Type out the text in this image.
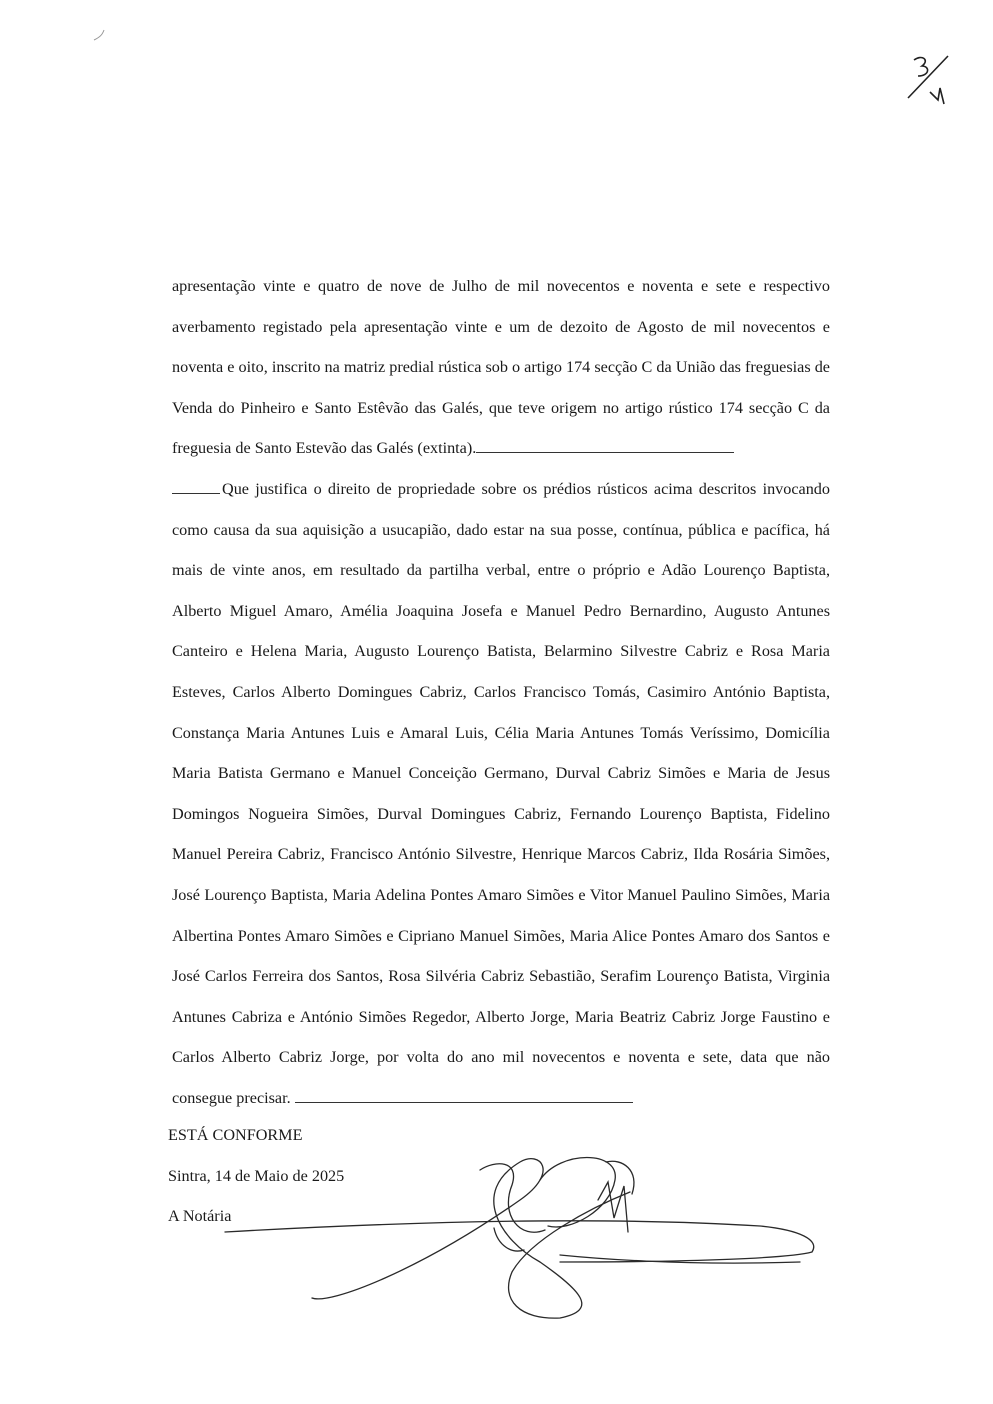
apresentação vinte e quatro de nove de Julho de mil novecentos e noventa e sete e respectivo averbamento registado pela apresentação vinte e um de dezoito de Agosto de mil novecentos e noventa e oito, inscrito na matriz predial rústica sob o artigo 174 secção C da União das freguesias de Venda do Pinheiro e Santo Estêvão das Galés, que teve origem no artigo rústico 174 secção C da freguesia de Santo Estevão das Galés (extinta).

Que justifica o direito de propriedade sobre os prédios rústicos acima descritos invocando como causa da sua aquisição a usucapião, dado estar na sua posse, contínua, pública e pacífica, há mais de vinte anos, em resultado da partilha verbal, entre o próprio e Adão Lourenço Baptista, Alberto Miguel Amaro, Amélia Joaquina Josefa e Manuel Pedro Bernardino, Augusto Antunes Canteiro e Helena Maria, Augusto Lourenço Batista, Belarmino Silvestre Cabriz e Rosa Maria Esteves, Carlos Alberto Domingues Cabriz, Carlos Francisco Tomás, Casimiro António Baptista, Constança Maria Antunes Luis e Amaral Luis, Célia Maria Antunes Tomás Veríssimo, Domicília Maria Batista Germano e Manuel Conceição Germano, Durval Cabriz Simões e Maria de Jesus Domingos Nogueira Simões, Durval Domingues Cabriz, Fernando Lourenço Baptista, Fidelino Manuel Pereira Cabriz, Francisco António Silvestre, Henrique Marcos Cabriz, Ilda Rosária Simões, José Lourenço Baptista, Maria Adelina Pontes Amaro Simões e Vitor Manuel Paulino Simões, Maria Albertina Pontes Amaro Simões e Cipriano Manuel Simões, Maria Alice Pontes Amaro dos Santos e José Carlos Ferreira dos Santos, Rosa Silvéria Cabriz Sebastião, Serafim Lourenço Batista, Virginia Antunes Cabriza e António Simões Regedor, Alberto Jorge, Maria Beatriz Cabriz Jorge Faustino e Carlos Alberto Cabriz Jorge, por volta do ano mil novecentos e noventa e sete, data que não consegue precisar.

ESTÁ CONFORME
Sintra, 14 de Maio de 2025
A Notária
